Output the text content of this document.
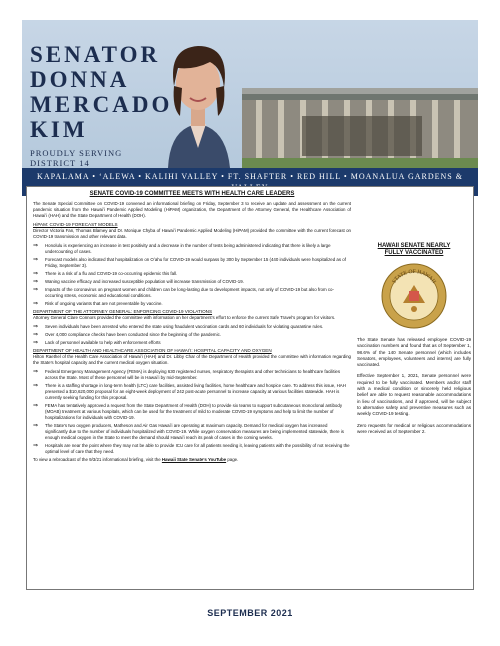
SENATOR
DONNA
MERCADO
KIM
PROUDLY SERVING
DISTRICT 14
KAPALAMA • ʻALEWA • KALIHI VALLEY • FT. SHAFTER • RED HILL • MOANALUA GARDENS &
SENATE COVID-19 COMMITTEE MEETS WITH HEALTH CARE LEADERS
The Senate Special Committee on COVID-19 convened an informational briefing on Friday, September 3 to receive an update and assessment on the current pandemic situation from the Hawaiʻi Pandemic Applied Modeling (HiPAM) organization, the Department of the Attorney General, the Healthcare Association of Hawaiʻi (HAH) and the State Department of Health (DOH).
HiPAM: COVID-19 FORECAST MODELS
Director Victoria Fan, Thomas Blamey and Dr. Monique Chyba of Hawaiʻi Pandemic Applied Modeling (HiPAM) provided the committee with the current forecast on COVID-19 transmission and other relevant data.
⇒	Honolulu is experiencing an increase in test positivity and a decrease in the number of tests being administered indicating that there is likely a large undercounting of cases.
⇒	Forecast models also indicated that hospitalization on Oʻahu for COVID-19 would surpass by 300 by September 15 (440 individuals were hospitalized as of Friday, September 3).
⇒	There is a risk of a flu and COVID-19 co-occurring epidemic this fall.
⇒	Waning vaccine efficacy and increased susceptible population will increase transmission of COVID-19.
⇒	Impacts of the coronavirus on pregnant women and children can be long-lasting due to development impacts, not only of COVID-19 but also from co-occurring stress, economic and educational conditions.
⇒	Risk of ongoing variants that are not preventable by vaccine.
DEPARTMENT OF THE ATTORNEY GENERAL: ENFORCING COVID-19 VIOLATIONS
Attorney General Clare Connors provided the committee with information on her department's effort to enforce the current Safe Travel's program for visitors.
⇒	Seven individuals have been arrested who entered the state using fraudulent vaccination cards and 60 individuals for violating quarantine rules.
⇒	Over 4,000 compliance checks have been conducted since the beginning of the pandemic.
⇒	Lack of personnel available to help with enforcement efforts
DEPARTMENT OF HEALTH AND HEALTHCARE ASSOCIATION OF HAWAIʻI: HOSPITAL CAPACITY AND OXYGEN
Hilton Raethel of the Health Care Association of Hawaiʻi (HAH) and Dr. Libby Char of the Department of Health provided the committee with information regarding the State's hospital capacity and the current medical oxygen situation.
⇒	Federal Emergency Management Agency (FEMA) is deploying 630 registered nurses, respiratory therapists and other technicians to healthcare facilities across the State. Most of these personnel will be in Hawaiʻi by mid-September.
⇒	There is a staffing shortage in long-term health (LTC) care facilities, assisted living facilities, home healthcare and hospice care. To address this issue, HAH presented a $10,620,000 proposal for an eight-week deployment of 242 post-acute personnel to increase capacity at various facilities statewide. HAH is currently seeking funding for this proposal.
⇒	FEMA has tentatively approved a request from the State Department of Health (DOH) to provide six teams to support subcutaneous monoclonal antibody (MOAB) treatment at various hospitals, which can be used for the treatment of mild to moderate COVID-19 symptoms and help to limit the number of hospitalizations for individuals with COVID-19.
⇒	The State's two oxygen producers, Matheson and Air Gas Hawaiʻi are operating at maximum capacity. Demand for medical oxygen has increased significantly due to the number of individuals hospitalized with COVID-19. While oxygen conservation measures are being implemented statewide, there is enough medical oxygen in the State to meet the demand should Hawaiʻi reach its peak of cases in the coming weeks.
⇒	Hospitals are near the point where they may not be able to provide ICU care for all patients needing it, leaving patients with the possibility of not receiving the optimal level of care that they need.
To view a rebroadcast of the 9/3/21 informational briefing, visit the Hawaii State Senate's YouTube page.
HAWAII SENATE NEARLY
FULLY VACCINATED
STATE OF HAWAII
The State Senate has released employee COVID-19 vaccination numbers and found that as of September 1, 98.6% of the 140 Senate personnel (which includes Senators, employees, volunteers and interns) are fully vaccinated.
Effective September 1, 2021, Senate personnel were required to be fully vaccinated. Members and/or staff with a medical condition or sincerely held religious belief are able to request reasonable accommodations in lieu of vaccinations, and if approved, will be subject to alternative safety and preventive measures such as weekly COVID-19 testing.
Zero requests for medical or religious accommodations were received as of September 2.
SEPTEMBER 2021
